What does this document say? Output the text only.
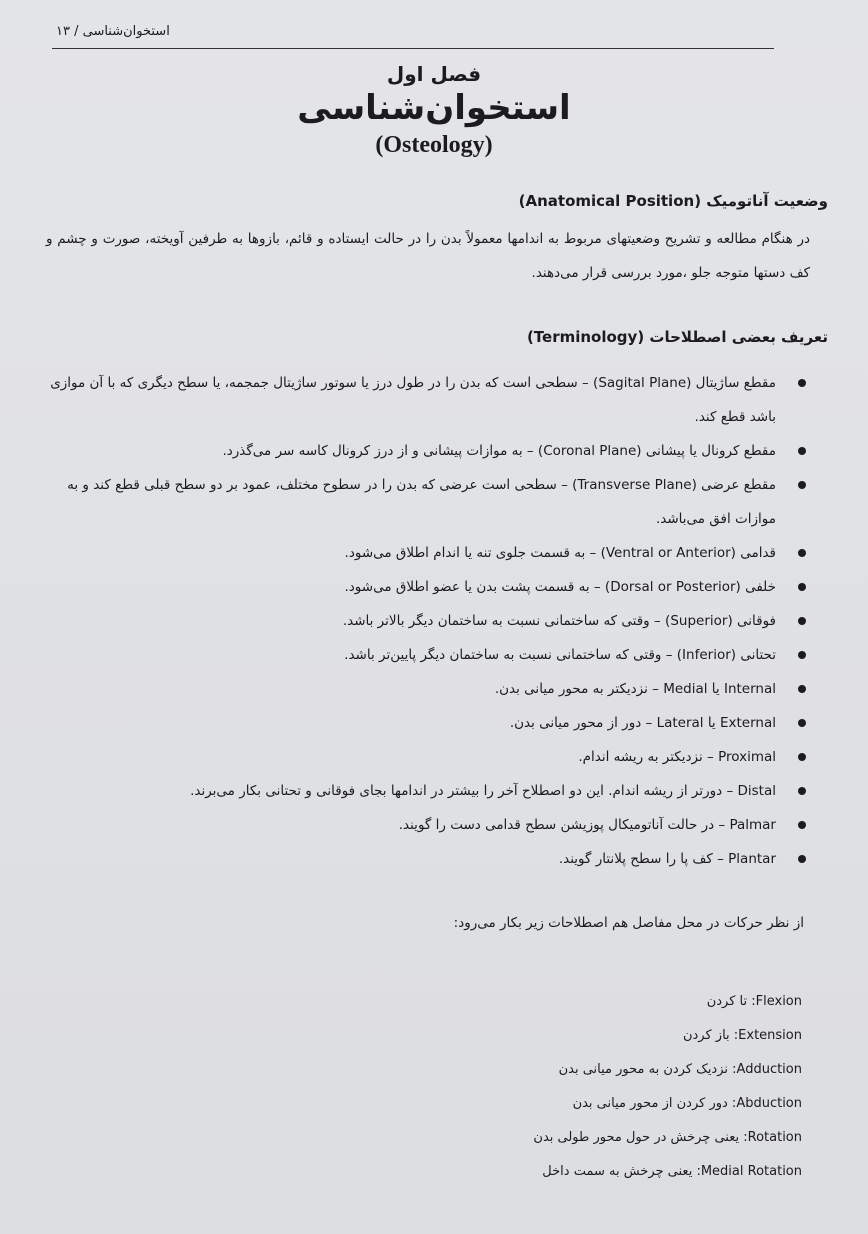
استخوان‌شناسی / ۱۳
فصل اول
استخوان‌شناسی
(Osteology)
وضعیت آناتومیک (Anatomical Position)
در هنگام مطالعه و تشریح وضعیتهای مربوط به اندامها معمولاً بدن را در حالت ایستاده و قائم، بازوها به طرفین آویخته، صورت و چشم و کف دستها متوجه جلو ،مورد بررسی قرار می‌دهند.
تعریف بعضی اصطلاحات (Terminology)
مقطع ساژیتال (Sagital Plane) – سطحی است که بدن را در طول درز یا سوتور ساژیتال جمجمه، یا سطح دیگری که با آن موازی باشد قطع کند.
مقطع کرونال یا پیشانی (Coronal Plane) – به موازات پیشانی و از درز کرونال کاسه سر می‌گذرد.
مقطع عرضی (Transverse Plane) – سطحی است عرضی که بدن را در سطوح مختلف، عمود بر دو سطح قبلی قطع کند و به موازات افق می‌باشد.
قدامی (Ventral or Anterior) – به قسمت جلوی تنه یا اندام اطلاق می‌شود.
خلفی (Dorsal or Posterior) – به قسمت پشت بدن یا عضو اطلاق می‌شود.
فوقانی (Superior) – وقتی که ساختمانی نسبت به ساختمان دیگر بالاتر باشد.
تحتانی (Inferior) – وقتی که ساختمانی نسبت به ساختمان دیگر پایین‌تر باشد.
Internal یا Medial – نزدیکتر به محور میانی بدن.
External یا Lateral – دور از محور میانی بدن.
Proximal – نزدیکتر به ریشه اندام.
Distal – دورتر از ریشه اندام. این دو اصطلاح آخر را بیشتر در اندامها بجای فوقانی و تحتانی بکار می‌برند.
Palmar – در حالت آناتومیکال پوزیشن سطح قدامی دست را گویند.
Plantar – کف پا را سطح پلانتار گویند.
از نظر حرکات در محل مفاصل هم اصطلاحات زیر بکار می‌رود:
Flexion: تا کردن
Extension: باز کردن
Adduction: نزدیک کردن به محور میانی بدن
Abduction: دور کردن از محور میانی بدن
Rotation: یعنی چرخش در حول محور طولی بدن
Medial Rotation: یعنی چرخش به سمت داخل
